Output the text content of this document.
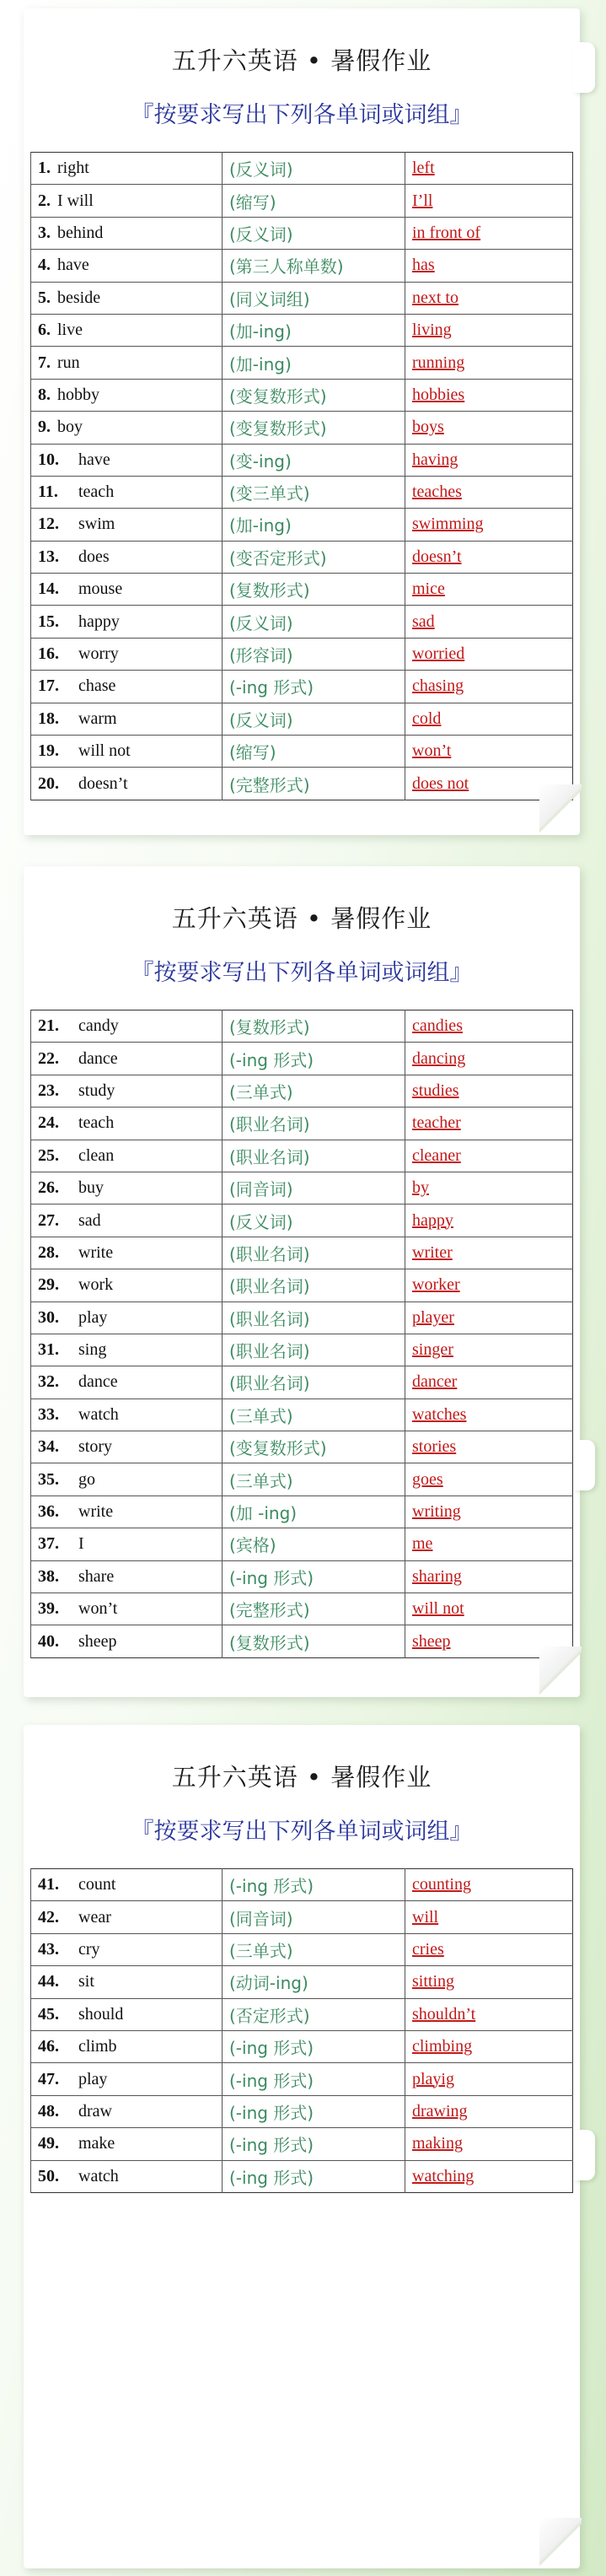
五升六英语 • 暑假作业
『按要求写出下列各单词或词组』
1. right	(反义词)	left
2. I will	(缩写)	I’ll
3. behind	(反义词)	in front of
4. have	(第三人称单数)	has
5. beside	(同义词组)	next to
6. live	(加-ing)	living
7. run	(加-ing)	running
8. hobby	(变复数形式)	hobbies
9. boy	(变复数形式)	boys
10. have	(变-ing)	having
11. teach	(变三单式)	teaches
12. swim	(加-ing)	swimming
13. does	(变否定形式)	doesn’t
14. mouse	(复数形式)	mice
15. happy	(反义词)	sad
16. worry	(形容词)	worried
17. chase	(-ing 形式)	chasing
18. warm	(反义词)	cold
19. will not	(缩写)	won’t
20. doesn’t	(完整形式)	does not
五升六英语 • 暑假作业
『按要求写出下列各单词或词组』
21. candy	(复数形式)	candies
22. dance	(-ing 形式)	dancing
23. study	(三单式)	studies
24. teach	(职业名词)	teacher
25. clean	(职业名词)	cleaner
26. buy	(同音词)	by
27. sad	(反义词)	happy
28. write	(职业名词)	writer
29. work	(职业名词)	worker
30. play	(职业名词)	player
31. sing	(职业名词)	singer
32. dance	(职业名词)	dancer
33. watch	(三单式)	watches
34. story	(变复数形式)	stories
35. go	(三单式)	goes
36. write	(加 -ing)	writing
37. I	(宾格)	me
38. share	(-ing 形式)	sharing
39. won’t	(完整形式)	will not
40. sheep	(复数形式)	sheep
五升六英语 • 暑假作业
『按要求写出下列各单词或词组』
41. count	(-ing 形式)	counting
42. wear	(同音词)	will
43. cry	(三单式)	cries
44. sit	(动词-ing)	sitting
45. should	(否定形式)	shouldn’t
46. climb	(-ing 形式)	climbing
47. play	(-ing 形式)	playig
48. draw	(-ing 形式)	drawing
49. make	(-ing 形式)	making
50. watch	(-ing 形式)	watching
